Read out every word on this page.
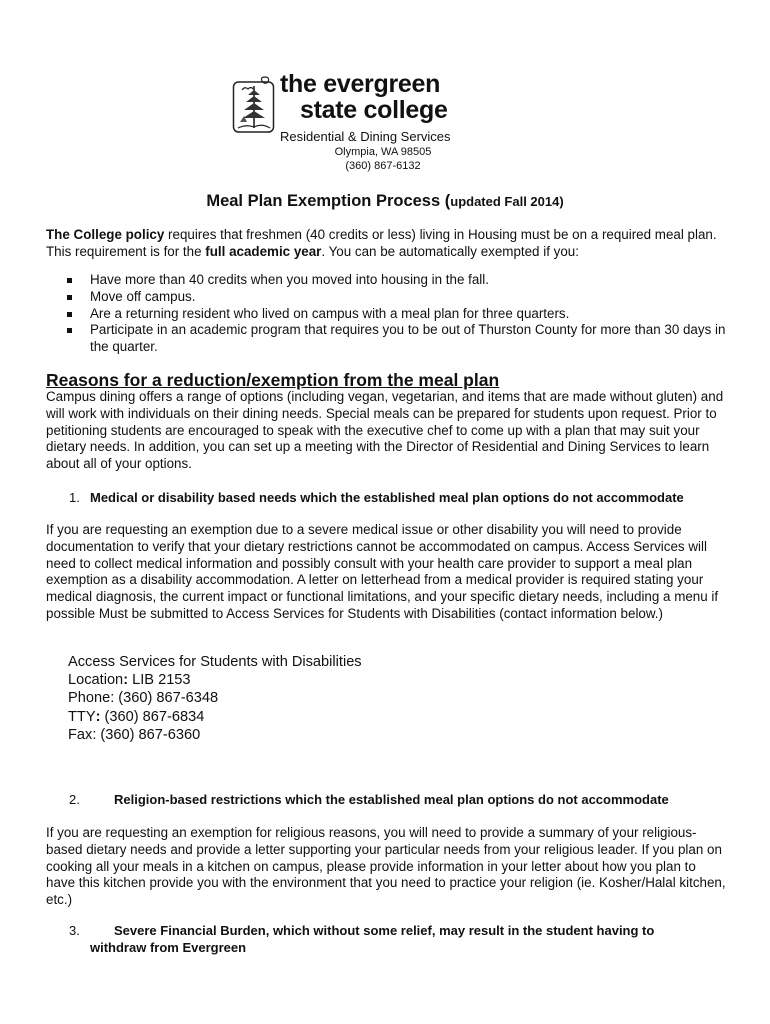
the evergreen
state college
Residential & Dining Services
Olympia, WA 98505
(360) 867-6132
Meal Plan Exemption Process (updated Fall 2014)
The College policy requires that freshmen (40 credits or less) living in Housing must be on a required meal plan. This requirement is for the full academic year. You can be automatically exempted if you:
Have more than 40 credits when you moved into housing in the fall.
Move off campus.
Are a returning resident who lived on campus with a meal plan for three quarters.
Participate in an academic program that requires you to be out of Thurston County for more than 30 days in the quarter.
Reasons for a reduction/exemption from the meal plan
Campus dining offers a range of options (including vegan, vegetarian, and items that are made without gluten) and will work with individuals on their dining needs. Special meals can be prepared for students upon request. Prior to petitioning students are encouraged to speak with the executive chef to come up with a plan that may suit your dietary needs. In addition, you can set up a meeting with the Director of Residential and Dining Services to learn about all of your options.
1. Medical or disability based needs which the established meal plan options do not accommodate
If you are requesting an exemption due to a severe medical issue or other disability you will need to provide documentation to verify that your dietary restrictions cannot be accommodated on campus. Access Services will need to collect medical information and possibly consult with your health care provider to support a meal plan exemption as a disability accommodation. A letter on letterhead from a medical provider is required stating your medical diagnosis, the current impact or functional limitations, and your specific dietary needs, including a menu if possible Must be submitted to Access Services for Students with Disabilities (contact information below.)
Access Services for Students with Disabilities
Location: LIB 2153
Phone: (360) 867-6348
TTY: (360) 867-6834
Fax: (360) 867-6360
2.	Religion-based restrictions which the established meal plan options do not accommodate
If you are requesting an exemption for religious reasons, you will need to provide a summary of your religious-based dietary needs and provide a letter supporting your particular needs from your religious leader. If you plan on cooking all your meals in a kitchen on campus, please provide information in your letter about how you plan to have this kitchen provide you with the environment that you need to practice your religion (ie. Kosher/Halal kitchen, etc.)
3.	Severe Financial Burden, which without some relief, may result in the student having to
withdraw from Evergreen
